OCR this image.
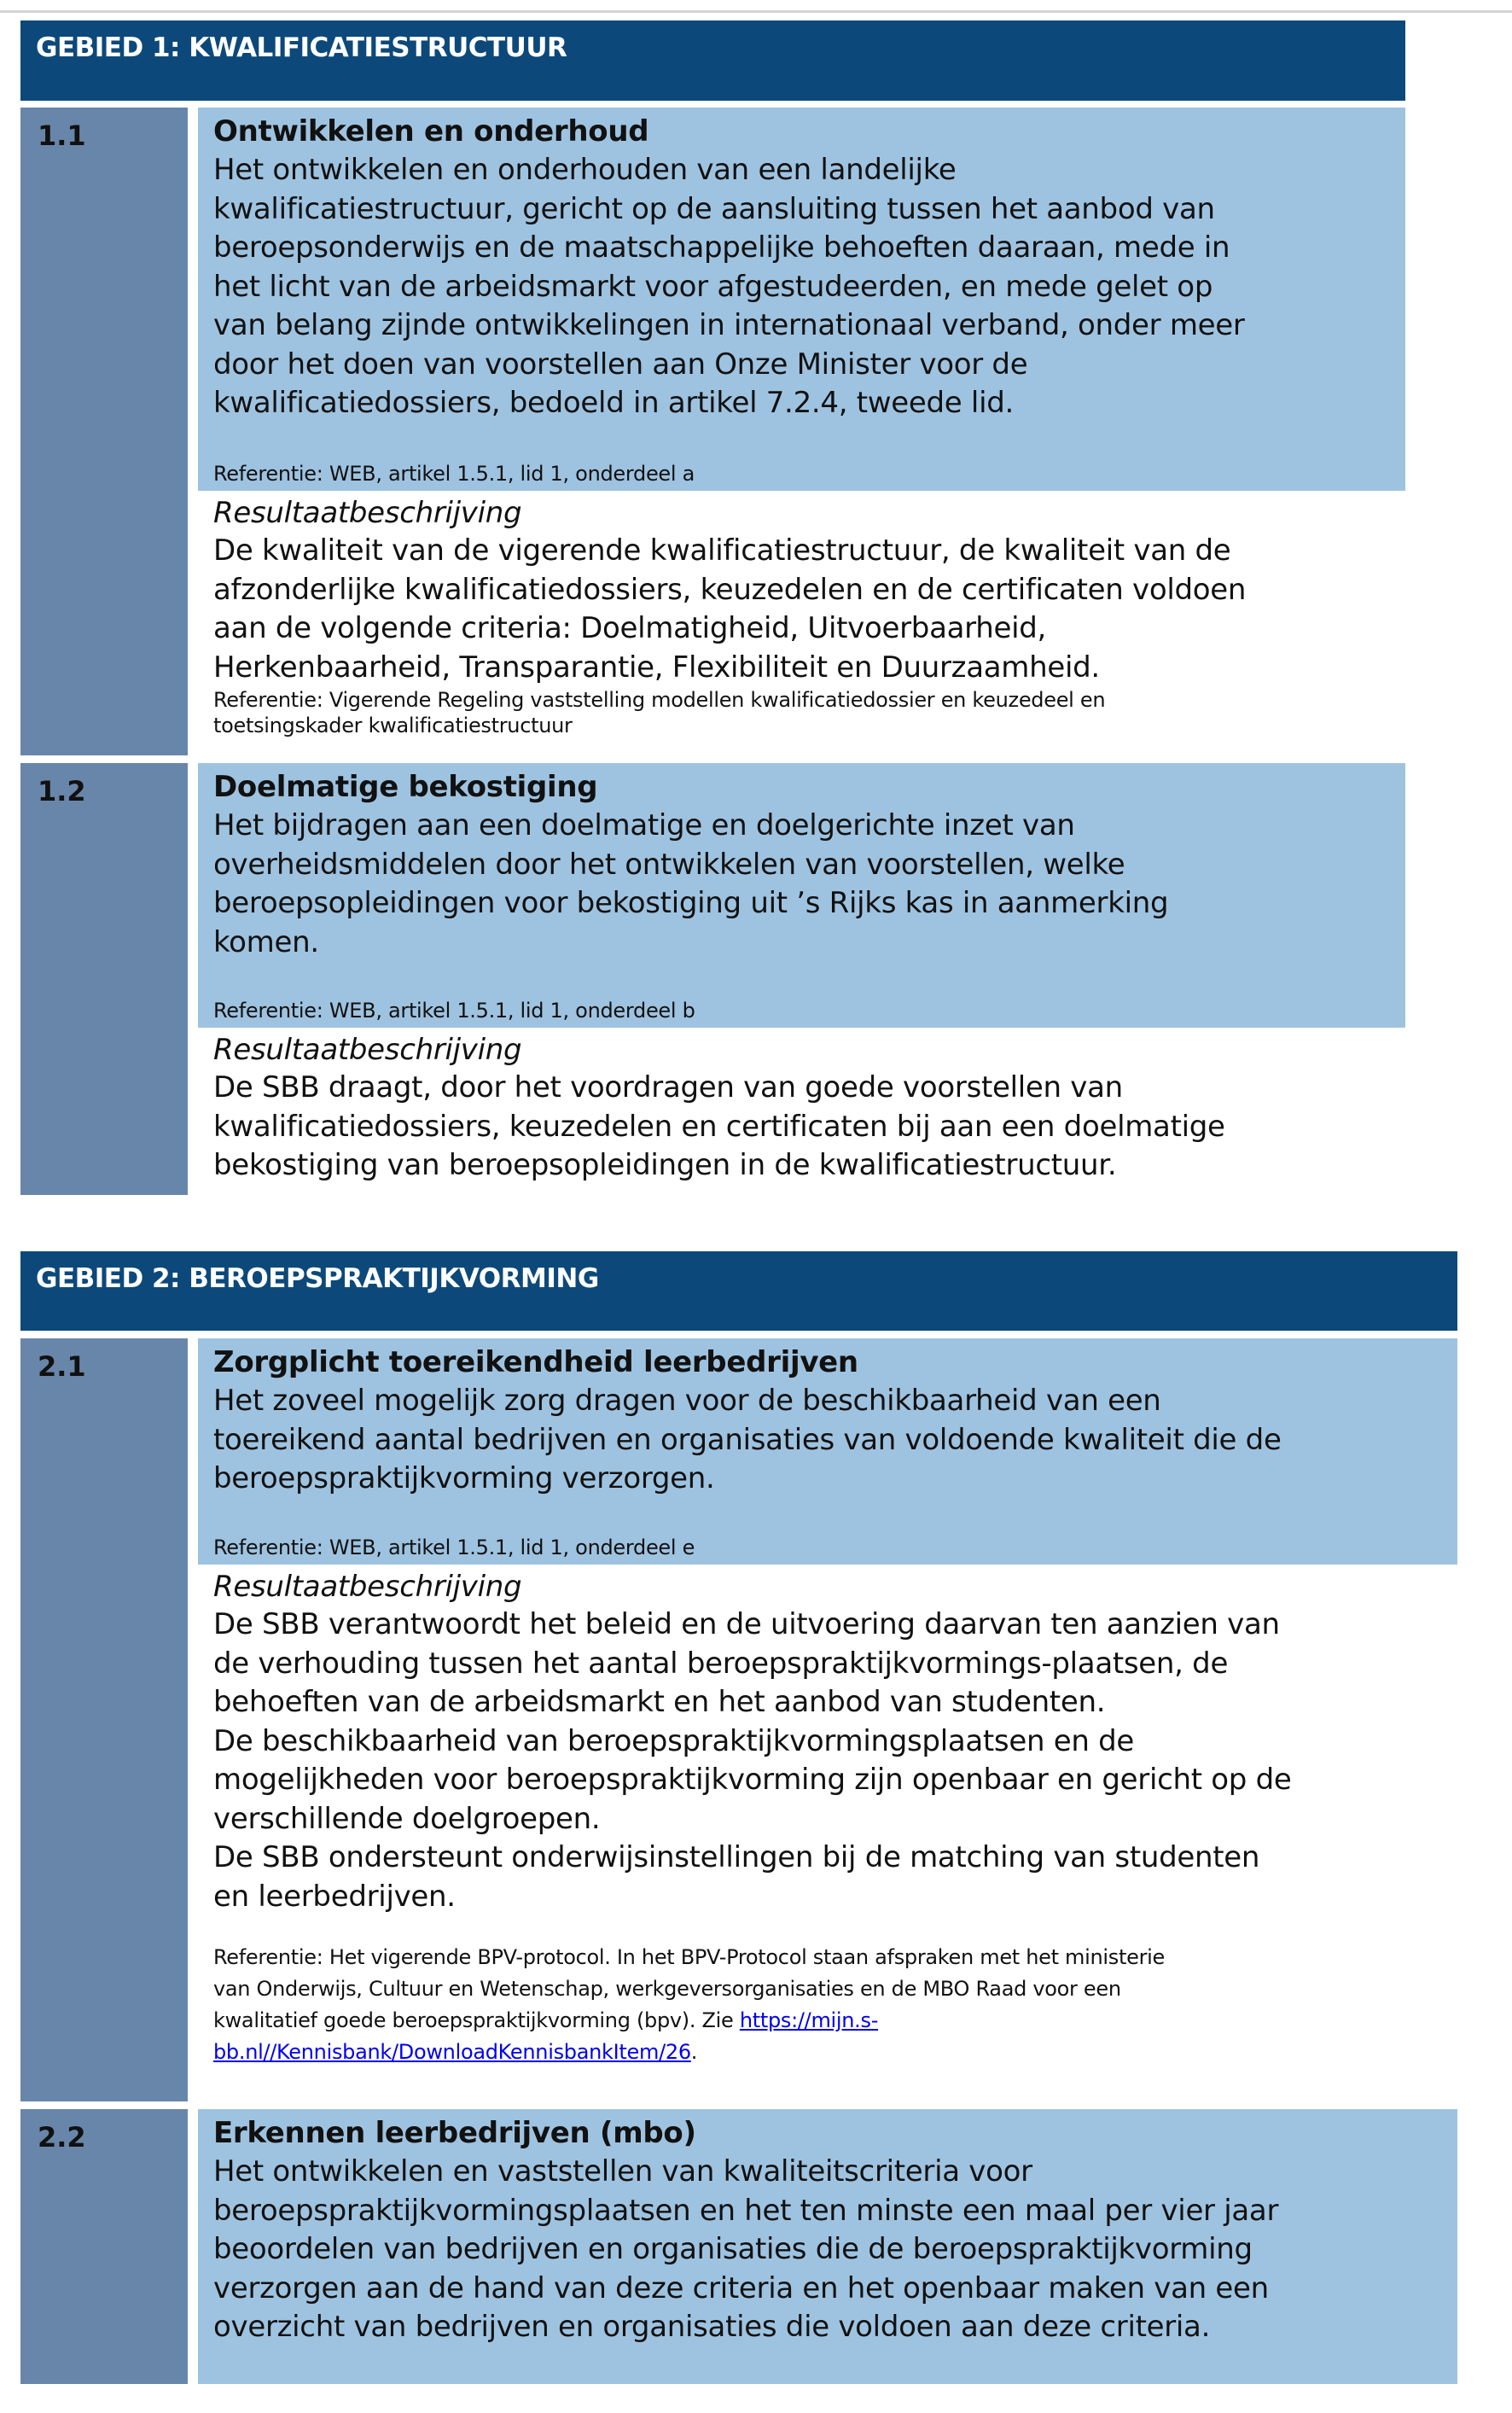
GEBIED 1: KWALIFICATIESTRUCTUUR
1.1	Ontwikkelen en onderhoud
Het ontwikkelen en onderhouden van een landelijke
kwalificatiestructuur, gericht op de aansluiting tussen het aanbod van
beroepsonderwijs en de maatschappelijke behoeften daaraan, mede in
het licht van de arbeidsmarkt voor afgestudeerden, en mede gelet op
van belang zijnde ontwikkelingen in internationaal verband, onder meer
door het doen van voorstellen aan Onze Minister voor de
kwalificatiedossiers, bedoeld in artikel 7.2.4, tweede lid.
Referentie: WEB, artikel 1.5.1, lid 1, onderdeel a
Resultaatbeschrijving
De kwaliteit van de vigerende kwalificatiestructuur, de kwaliteit van de
afzonderlijke kwalificatiedossiers, keuzedelen en de certificaten voldoen
aan de volgende criteria: Doelmatigheid, Uitvoerbaarheid,
Herkenbaarheid, Transparantie, Flexibiliteit en Duurzaamheid.
Referentie: Vigerende Regeling vaststelling modellen kwalificatiedossier en keuzedeel en
toetsingskader kwalificatiestructuur
1.2	Doelmatige bekostiging
Het bijdragen aan een doelmatige en doelgerichte inzet van
overheidsmiddelen door het ontwikkelen van voorstellen, welke
beroepsopleidingen voor bekostiging uit ’s Rijks kas in aanmerking
komen.
Referentie: WEB, artikel 1.5.1, lid 1, onderdeel b
Resultaatbeschrijving
De SBB draagt, door het voordragen van goede voorstellen van
kwalificatiedossiers, keuzedelen en certificaten bij aan een doelmatige
bekostiging van beroepsopleidingen in de kwalificatiestructuur.
GEBIED 2: BEROEPSPRAKTIJKVORMING
2.1	Zorgplicht toereikendheid leerbedrijven
Het zoveel mogelijk zorg dragen voor de beschikbaarheid van een
toereikend aantal bedrijven en organisaties van voldoende kwaliteit die de
beroepspraktijkvorming verzorgen.
Referentie: WEB, artikel 1.5.1, lid 1, onderdeel e
Resultaatbeschrijving
De SBB verantwoordt het beleid en de uitvoering daarvan ten aanzien van
de verhouding tussen het aantal beroepspraktijkvormings-plaatsen, de
behoeften van de arbeidsmarkt en het aanbod van studenten.
De beschikbaarheid van beroepspraktijkvormingsplaatsen en de
mogelijkheden voor beroepspraktijkvorming zijn openbaar en gericht op de
verschillende doelgroepen.
De SBB ondersteunt onderwijsinstellingen bij de matching van studenten
en leerbedrijven.
Referentie: Het vigerende BPV-protocol. In het BPV-Protocol staan afspraken met het ministerie
van Onderwijs, Cultuur en Wetenschap, werkgeversorganisaties en de MBO Raad voor een
kwalitatief goede beroepspraktijkvorming (bpv). Zie https://mijn.s-
bb.nl//Kennisbank/DownloadKennisbankItem/26.
2.2	Erkennen leerbedrijven (mbo)
Het ontwikkelen en vaststellen van kwaliteitscriteria voor
beroepspraktijkvormingsplaatsen en het ten minste een maal per vier jaar
beoordelen van bedrijven en organisaties die de beroepspraktijkvorming
verzorgen aan de hand van deze criteria en het openbaar maken van een
overzicht van bedrijven en organisaties die voldoen aan deze criteria.
